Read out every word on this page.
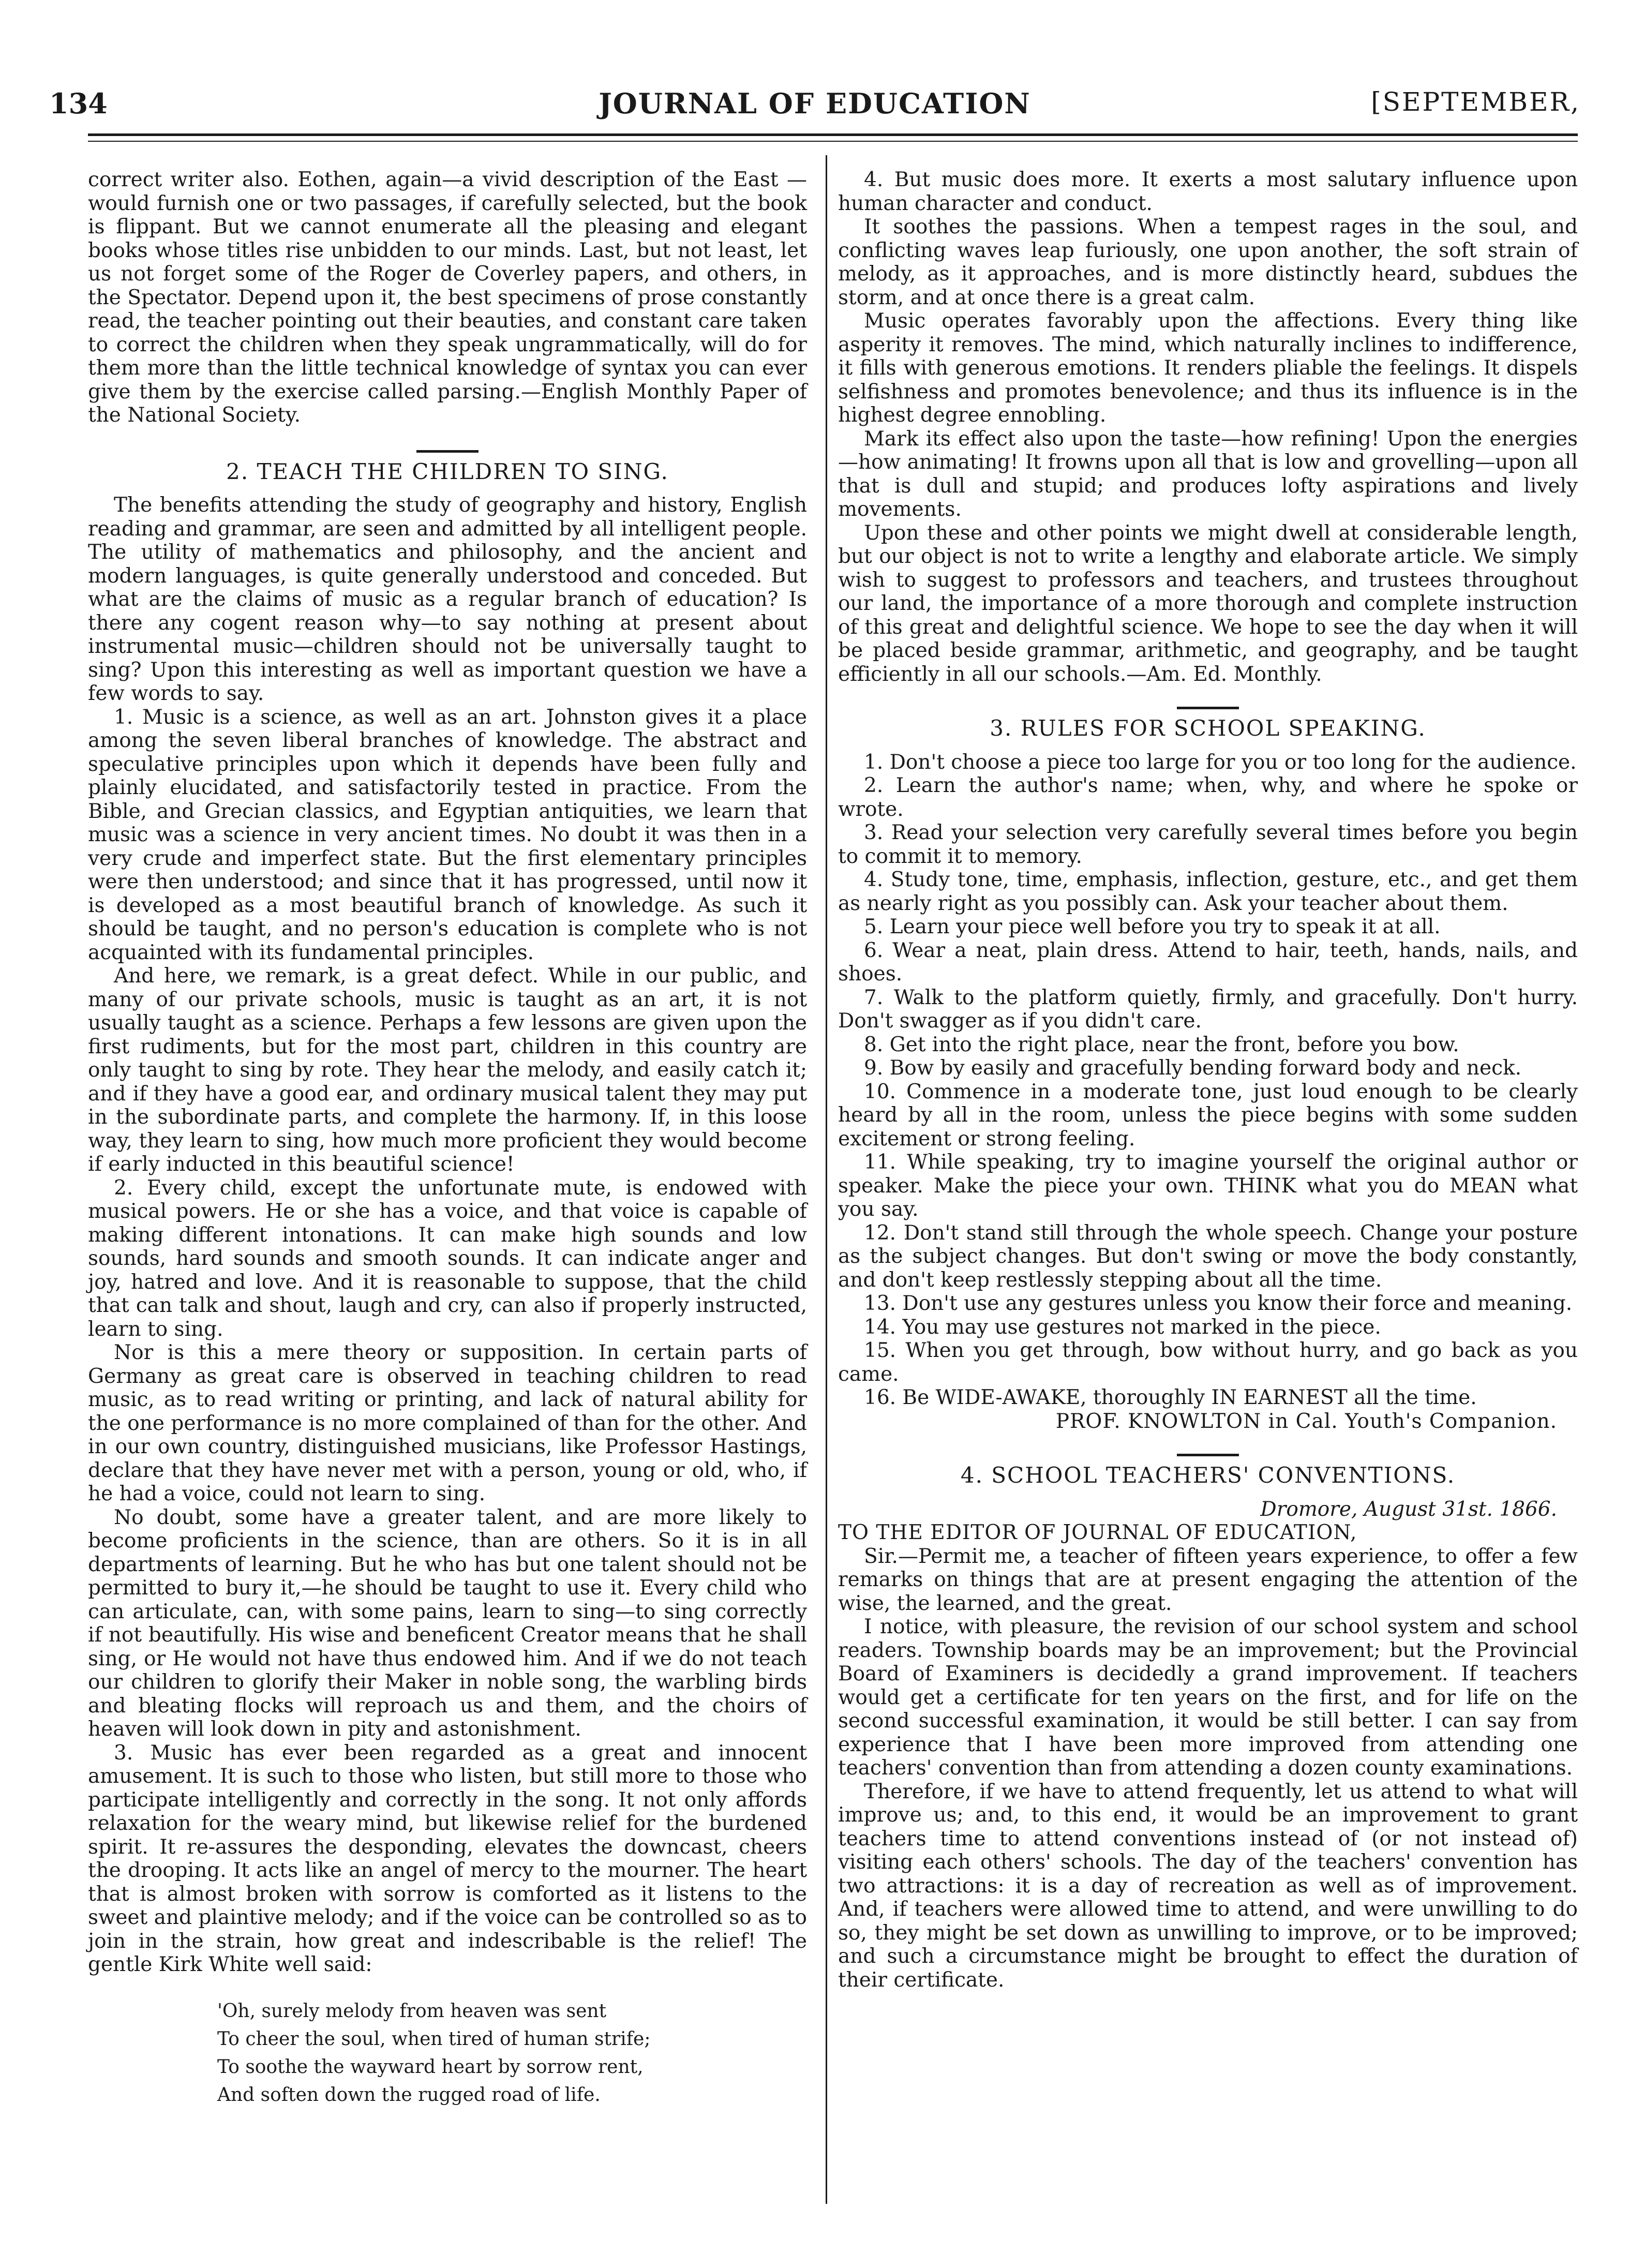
134	JOURNAL OF EDUCATION	[SEPTEMBER,

correct writer also. Eothen, again—a vivid description of the East —would furnish one or two passages, if carefully selected, but the book is flippant. But we cannot enumerate all the pleasing and elegant books whose titles rise unbidden to our minds. Last, but not least, let us not forget some of the Roger de Coverley papers, and others, in the Spectator. Depend upon it, the best specimens of prose constantly read, the teacher pointing out their beauties, and constant care taken to correct the children when they speak ungrammatically, will do for them more than the little technical knowledge of syntax you can ever give them by the exercise called parsing.—English Monthly Paper of the National Society.

2. TEACH THE CHILDREN TO SING.

The benefits attending the study of geography and history, English reading and grammar, are seen and admitted by all intelligent people. The utility of mathematics and philosophy, and the ancient and modern languages, is quite generally understood and conceded. But what are the claims of music as a regular branch of education? Is there any cogent reason why—to say nothing at present about instrumental music—children should not be universally taught to sing? Upon this interesting as well as important question we have a few words to say.

1. Music is a science, as well as an art. Johnston gives it a place among the seven liberal branches of knowledge. The abstract and speculative principles upon which it depends have been fully and plainly elucidated, and satisfactorily tested in practice. From the Bible, and Grecian classics, and Egyptian antiquities, we learn that music was a science in very ancient times. No doubt it was then in a very crude and imperfect state. But the first elementary principles were then understood; and since that it has progressed, until now it is developed as a most beautiful branch of knowledge. As such it should be taught, and no person's education is complete who is not acquainted with its fundamental principles.

And here, we remark, is a great defect. While in our public, and many of our private schools, music is taught as an art, it is not usually taught as a science. Perhaps a few lessons are given upon the first rudiments, but for the most part, children in this country are only taught to sing by rote. They hear the melody, and easily catch it; and if they have a good ear, and ordinary musical talent they may put in the subordinate parts, and complete the harmony. If, in this loose way, they learn to sing, how much more proficient they would become if early inducted in this beautiful science!

2. Every child, except the unfortunate mute, is endowed with musical powers. He or she has a voice, and that voice is capable of making different intonations. It can make high sounds and low sounds, hard sounds and smooth sounds. It can indicate anger and joy, hatred and love. And it is reasonable to suppose, that the child that can talk and shout, laugh and cry, can also if properly instructed, learn to sing.

Nor is this a mere theory or supposition. In certain parts of Germany as great care is observed in teaching children to read music, as to read writing or printing, and lack of natural ability for the one performance is no more complained of than for the other. And in our own country, distinguished musicians, like Professor Hastings, declare that they have never met with a person, young or old, who, if he had a voice, could not learn to sing.

No doubt, some have a greater talent, and are more likely to become proficients in the science, than are others. So it is in all departments of learning. But he who has but one talent should not be permitted to bury it,—he should be taught to use it. Every child who can articulate, can, with some pains, learn to sing—to sing correctly if not beautifully. His wise and beneficent Creator means that he shall sing, or He would not have thus endowed him. And if we do not teach our children to glorify their Maker in noble song, the warbling birds and bleating flocks will reproach us and them, and the choirs of heaven will look down in pity and astonishment.

3. Music has ever been regarded as a great and innocent amusement. It is such to those who listen, but still more to those who participate intelligently and correctly in the song. It not only affords relaxation for the weary mind, but likewise relief for the burdened spirit. It re-assures the desponding, elevates the downcast, cheers the drooping. It acts like an angel of mercy to the mourner. The heart that is almost broken with sorrow is comforted as it listens to the sweet and plaintive melody; and if the voice can be controlled so as to join in the strain, how great and indescribable is the relief! The gentle Kirk White well said:

'Oh, surely melody from heaven was sent
To cheer the soul, when tired of human strife;
To soothe the wayward heart by sorrow rent,
And soften down the rugged road of life.

4. But music does more. It exerts a most salutary influence upon human character and conduct.

It soothes the passions. When a tempest rages in the soul, and conflicting waves leap furiously, one upon another, the soft strain of melody, as it approaches, and is more distinctly heard, subdues the storm, and at once there is a great calm.

Music operates favorably upon the affections. Every thing like asperity it removes. The mind, which naturally inclines to indifference, it fills with generous emotions. It renders pliable the feelings. It dispels selfishness and promotes benevolence; and thus its influence is in the highest degree ennobling.

Mark its effect also upon the taste—how refining! Upon the energies—how animating! It frowns upon all that is low and grovelling—upon all that is dull and stupid; and produces lofty aspirations and lively movements.

Upon these and other points we might dwell at considerable length, but our object is not to write a lengthy and elaborate article. We simply wish to suggest to professors and teachers, and trustees throughout our land, the importance of a more thorough and complete instruction of this great and delightful science. We hope to see the day when it will be placed beside grammar, arithmetic, and geography, and be taught efficiently in all our schools.—Am. Ed. Monthly.

3. RULES FOR SCHOOL SPEAKING.

1. Don't choose a piece too large for you or too long for the audience.

2. Learn the author's name; when, why, and where he spoke or wrote.

3. Read your selection very carefully several times before you begin to commit it to memory.

4. Study tone, time, emphasis, inflection, gesture, etc., and get them as nearly right as you possibly can. Ask your teacher about them.

5. Learn your piece well before you try to speak it at all.

6. Wear a neat, plain dress. Attend to hair, teeth, hands, nails, and shoes.

7. Walk to the platform quietly, firmly, and gracefully. Don't hurry. Don't swagger as if you didn't care.

8. Get into the right place, near the front, before you bow.

9. Bow by easily and gracefully bending forward body and neck.

10. Commence in a moderate tone, just loud enough to be clearly heard by all in the room, unless the piece begins with some sudden excitement or strong feeling.

11. While speaking, try to imagine yourself the original author or speaker. Make the piece your own. THINK what you do MEAN what you say.

12. Don't stand still through the whole speech. Change your posture as the subject changes. But don't swing or move the body constantly, and don't keep restlessly stepping about all the time.

13. Don't use any gestures unless you know their force and meaning.

14. You may use gestures not marked in the piece.

15. When you get through, bow without hurry, and go back as you came.

16. Be WIDE-AWAKE, thoroughly IN EARNEST all the time.

PROF. KNOWLTON in Cal. Youth's Companion.

4. SCHOOL TEACHERS' CONVENTIONS.

Dromore, August 31st. 1866.

TO THE EDITOR OF JOURNAL OF EDUCATION,

Sir.—Permit me, a teacher of fifteen years experience, to offer a few remarks on things that are at present engaging the attention of the wise, the learned, and the great.

I notice, with pleasure, the revision of our school system and school readers. Township boards may be an improvement; but the Provincial Board of Examiners is decidedly a grand improvement. If teachers would get a certificate for ten years on the first, and for life on the second successful examination, it would be still better. I can say from experience that I have been more improved from attending one teachers' convention than from attending a dozen county examinations.

Therefore, if we have to attend frequently, let us attend to what will improve us; and, to this end, it would be an improvement to grant teachers time to attend conventions instead of (or not instead of) visiting each others' schools. The day of the teachers' convention has two attractions: it is a day of recreation as well as of improvement. And, if teachers were allowed time to attend, and were unwilling to do so, they might be set down as unwilling to improve, or to be improved; and such a circumstance might be brought to effect the duration of their certificate.
